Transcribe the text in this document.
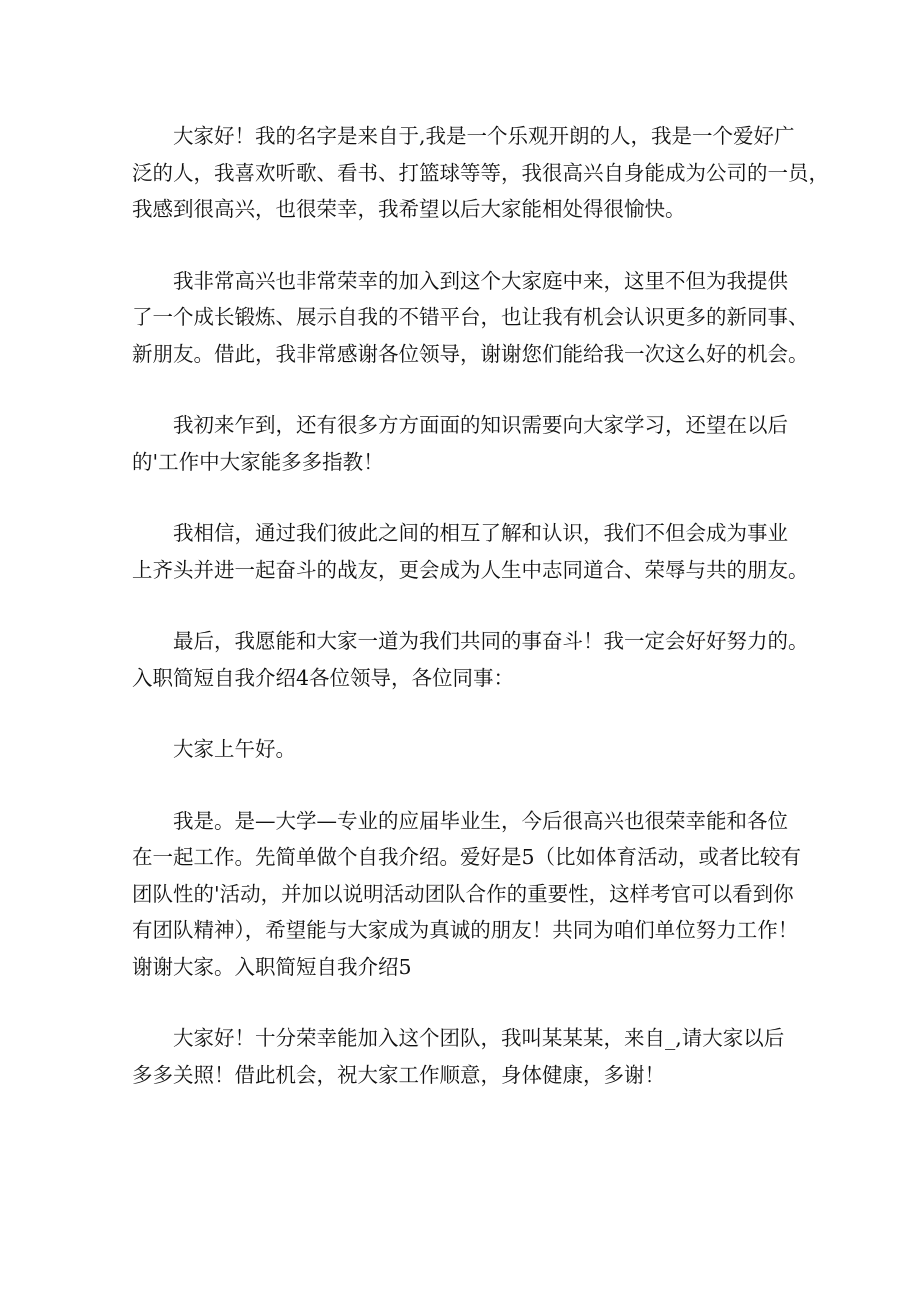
大家好！我的名字是来自于,我是一个乐观开朗的人，我是一个爱好广
泛的人，我喜欢听歌、看书、打篮球等等，我很高兴自身能成为公司的一员，
我感到很高兴，也很荣幸，我希望以后大家能相处得很愉快。
我非常高兴也非常荣幸的加入到这个大家庭中来，这里不但为我提供
了一个成长锻炼、展示自我的不错平台，也让我有机会认识更多的新同事、
新朋友。借此，我非常感谢各位领导，谢谢您们能给我一次这么好的机会。
我初来乍到，还有很多方方面面的知识需要向大家学习，还望在以后
的'工作中大家能多多指教！
我相信，通过我们彼此之间的相互了解和认识，我们不但会成为事业
上齐头并进一起奋斗的战友，更会成为人生中志同道合、荣辱与共的朋友。
最后，我愿能和大家一道为我们共同的事奋斗！我一定会好好努力的。
入职简短自我介绍4各位领导，各位同事：
大家上午好。
我是。是—大学—专业的应届毕业生，今后很高兴也很荣幸能和各位
在一起工作。先简单做个自我介绍。爱好是5（比如体育活动，或者比较有
团队性的'活动，并加以说明活动团队合作的重要性，这样考官可以看到你
有团队精神），希望能与大家成为真诚的朋友！共同为咱们单位努力工作！
谢谢大家。入职简短自我介绍5
大家好！十分荣幸能加入这个团队，我叫某某某，来自_,请大家以后
多多关照！借此机会，祝大家工作顺意，身体健康，多谢！
